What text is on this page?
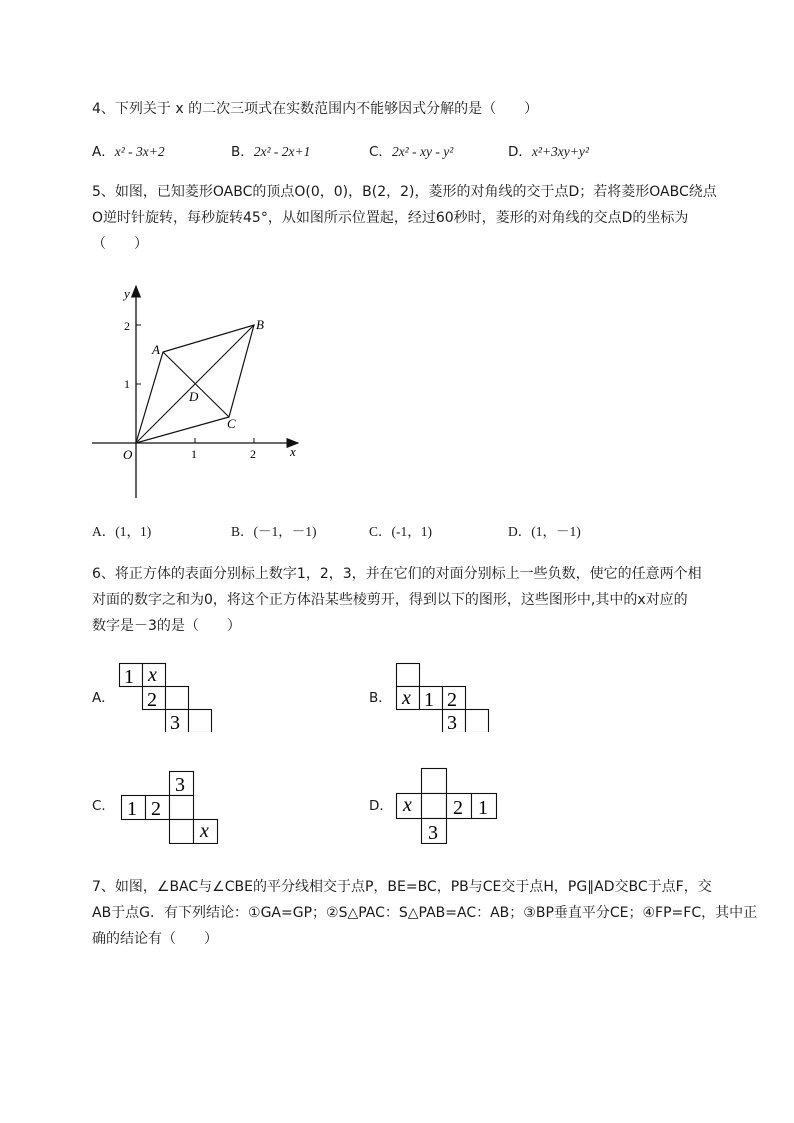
4、下列关于 x 的二次三项式在实数范围内不能够因式分解的是（　　）
A．x² - 3x+2	B．2x² - 2x+1	C．2x² - xy - y²	D．x²+3xy+y²
5、如图，已知菱形OABC的顶点O(0，0)，B(2，2)，菱形的对角线的交于点D；若将菱形OABC绕点
O逆时针旋转，每秒旋转45°，从如图所示位置起，经过60秒时，菱形的对角线的交点D的坐标为
（　　）
y
x
O	1	2
1
2
A
B
C
D
A．(1，1)	B．(－1，－1)	C．(-1，1)	D．(1，－1)
6、将正方体的表面分别标上数字1，2，3，并在它们的对面分别标上一些负数，使它的任意两个相
对面的数字之和为0，将这个正方体沿某些棱剪开，得到以下的图形，这些图形中,其中的x对应的
数字是－3的是（　　）
A．
1 x
2
3
B． x 1 2
3
C．
3
1 2
x
D． x 2 1
3
7、如图，∠BAC与∠CBE的平分线相交于点P，BE=BC，PB与CE交于点H，PG∥AD交BC于点F，交
AB于点G．有下列结论：①GA=GP；②S△PAC：S△PAB=AC：AB；③BP垂直平分CE；④FP=FC，其中正
确的结论有（　　）
